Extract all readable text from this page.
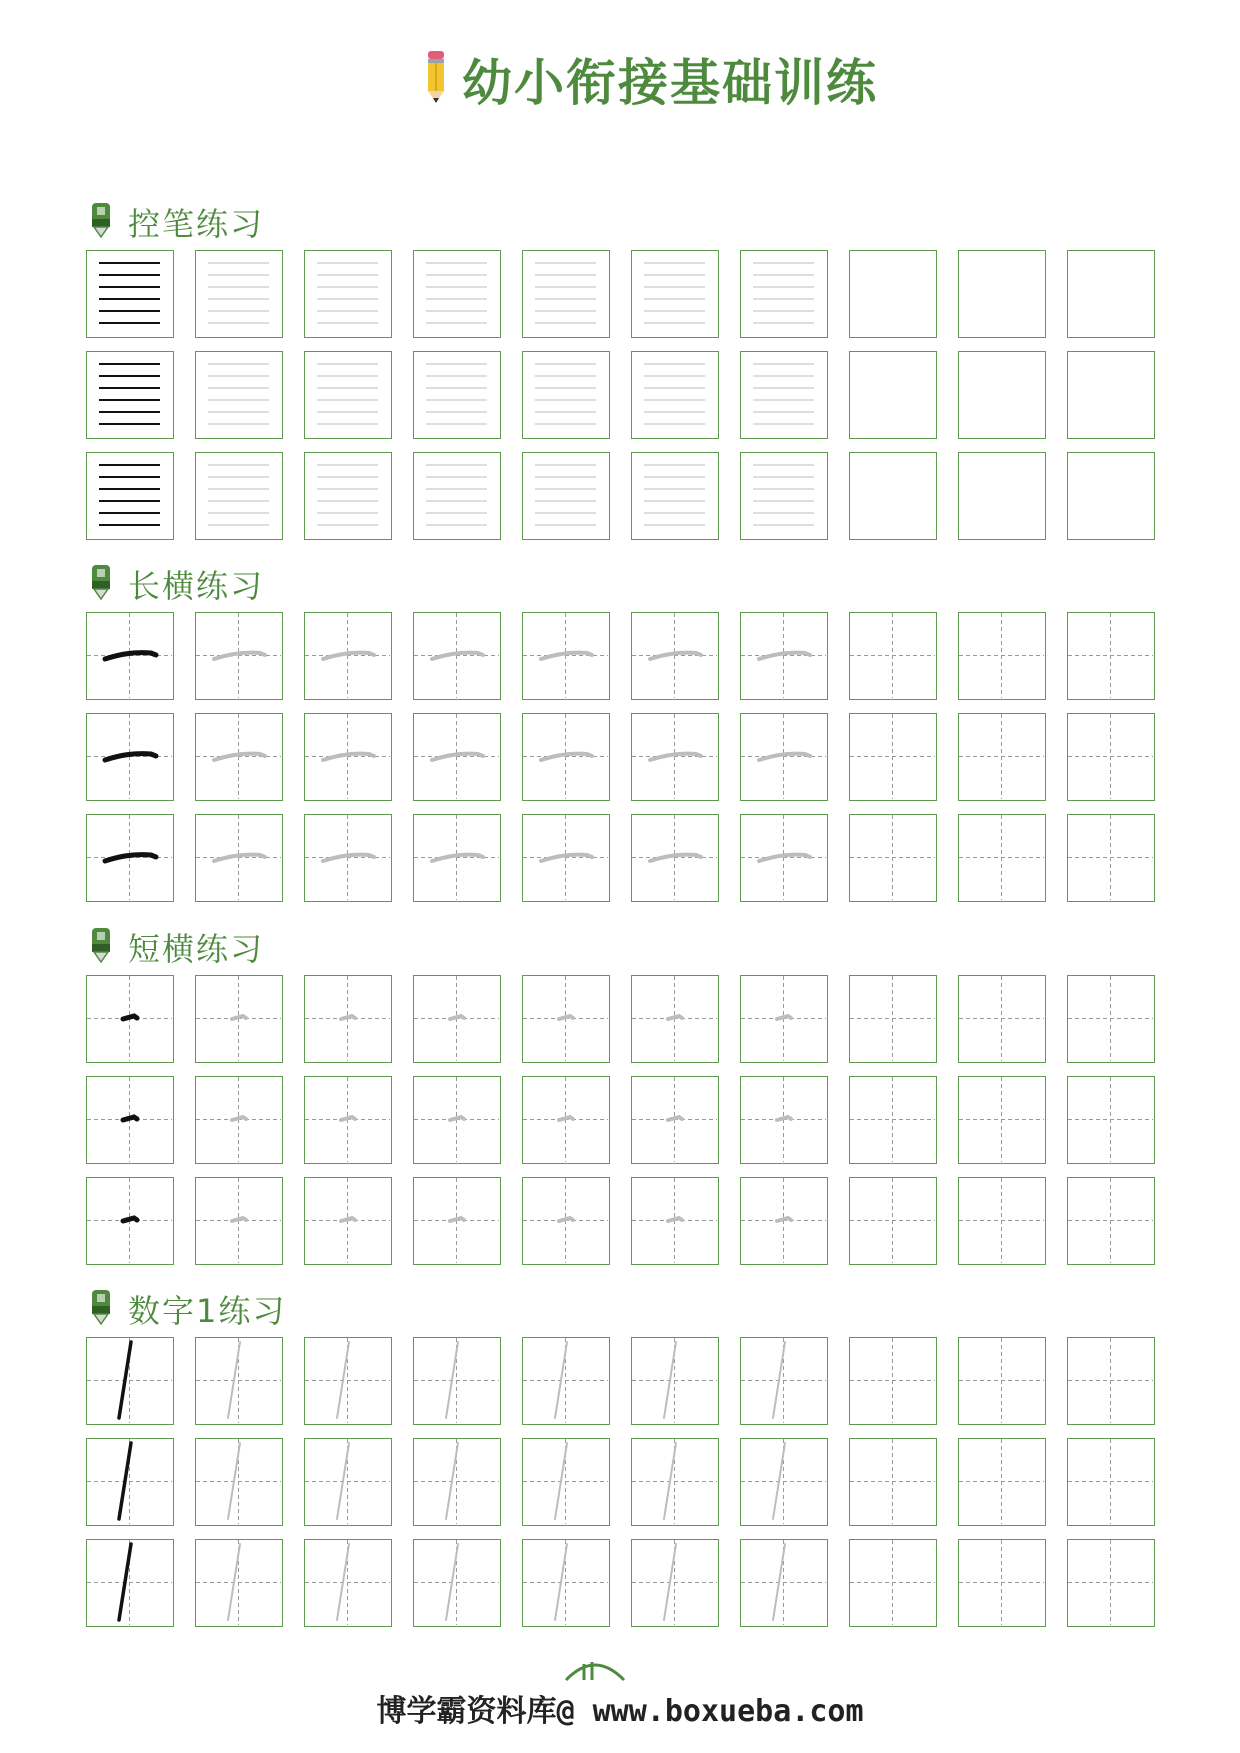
幼小衔接基础训练
控笔练习
长横练习
短横练习
数字1练习
博学霸资料库@ www.boxueba.com
